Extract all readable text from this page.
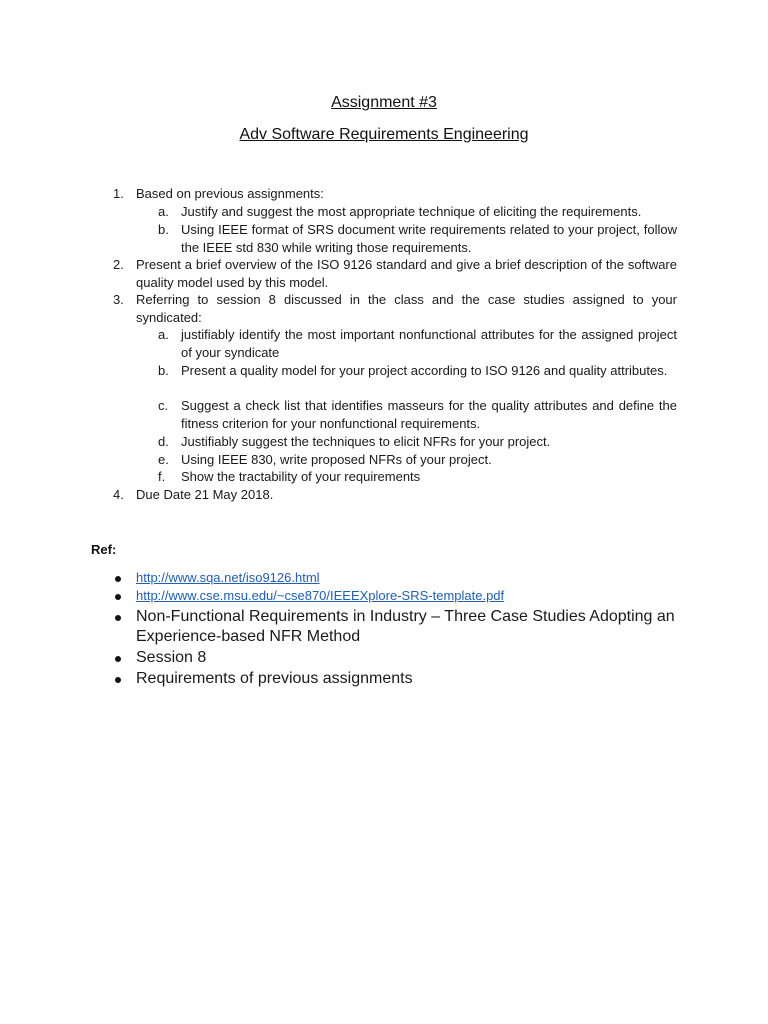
Assignment #3
Adv Software Requirements Engineering
1. Based on previous assignments:
a. Justify and suggest the most appropriate technique of eliciting the requirements.
b. Using IEEE format of SRS document write requirements related to your project, follow the IEEE std 830 while writing those requirements.
2. Present a brief overview of the ISO 9126 standard and give a brief description of the software quality model used by this model.
3. Referring to session 8 discussed in the class and the case studies assigned to your syndicated:
a. justifiably identify the most important nonfunctional attributes for the assigned project of your syndicate
b. Present a quality model for your project according to ISO 9126 and quality attributes.
c. Suggest a check list that identifies masseurs for the quality attributes and define the fitness criterion for your nonfunctional requirements.
d. Justifiably suggest the techniques to elicit NFRs for your project.
e. Using IEEE 830, write proposed NFRs of your project.
f. Show the tractability of your requirements
4. Due Date 21 May 2018.
Ref:
http://www.sqa.net/iso9126.html
http://www.cse.msu.edu/~cse870/IEEEXplore-SRS-template.pdf
Non-Functional Requirements in Industry – Three Case Studies Adopting an Experience-based NFR Method
Session 8
Requirements of previous assignments
